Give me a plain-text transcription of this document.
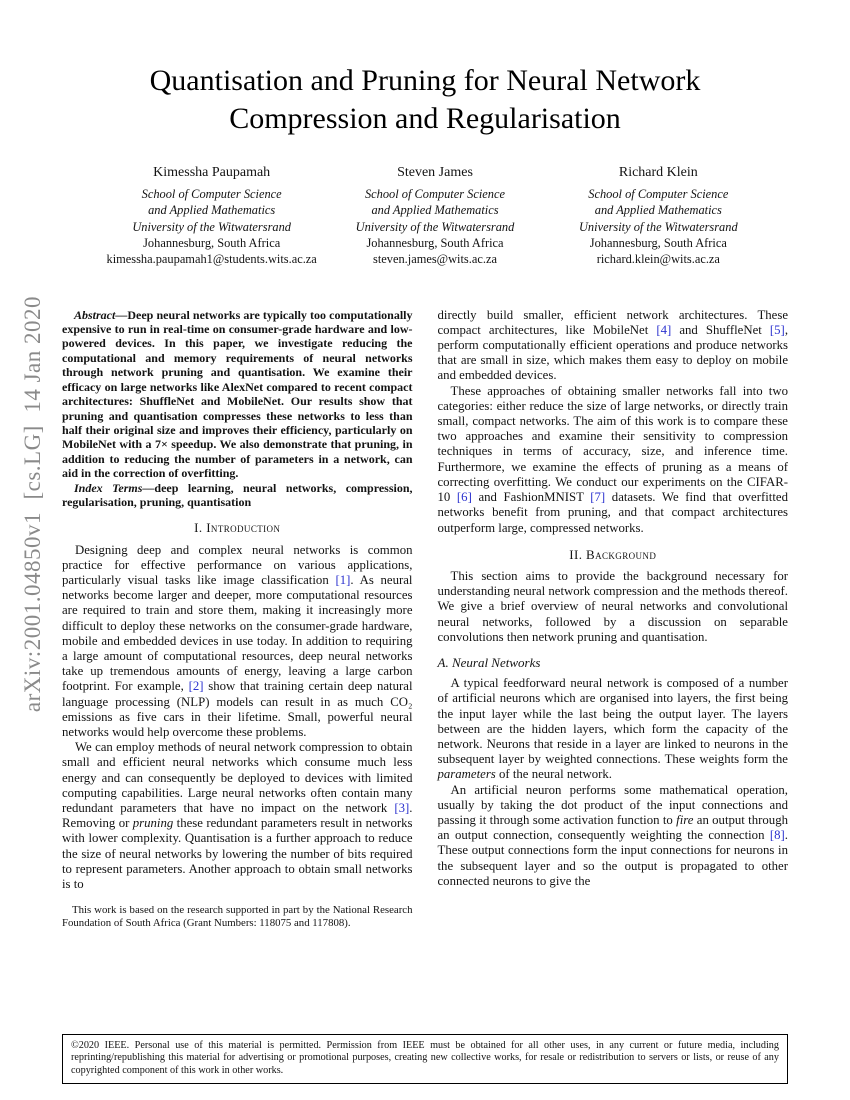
arXiv:2001.04850v1  [cs.LG]  14 Jan 2020
Quantisation and Pruning for Neural Network
Compression and Regularisation
Kimessha Paupamah
School of Computer Science
and Applied Mathematics
University of the Witwatersrand
Johannesburg, South Africa
kimessha.paupamah1@students.wits.ac.za
Steven James
School of Computer Science
and Applied Mathematics
University of the Witwatersrand
Johannesburg, South Africa
steven.james@wits.ac.za
Richard Klein
School of Computer Science
and Applied Mathematics
University of the Witwatersrand
Johannesburg, South Africa
richard.klein@wits.ac.za

Abstract—Deep neural networks are typically too computationally expensive to run in real-time on consumer-grade hardware and low-powered devices. In this paper, we investigate reducing the computational and memory requirements of neural networks through network pruning and quantisation. We examine their efficacy on large networks like AlexNet compared to recent compact architectures: ShuffleNet and MobileNet. Our results show that pruning and quantisation compresses these networks to less than half their original size and improves their efficiency, particularly on MobileNet with a 7× speedup. We also demonstrate that pruning, in addition to reducing the number of parameters in a network, can aid in the correction of overfitting.

Index Terms—deep learning, neural networks, compression, regularisation, pruning, quantisation

I. Introduction

Designing deep and complex neural networks is common practice for effective performance on various applications, particularly visual tasks like image classification [1]. As neural networks become larger and deeper, more computational resources are required to train and store them, making it increasingly more difficult to deploy these networks on the consumer-grade hardware, mobile and embedded devices in use today. In addition to requiring a large amount of computational resources, deep neural networks take up tremendous amounts of energy, leaving a large carbon footprint. For example, [2] show that training certain deep natural language processing (NLP) models can result in as much CO₂ emissions as five cars in their lifetime. Small, powerful neural networks would help overcome these problems.

We can employ methods of neural network compression to obtain small and efficient neural networks which consume much less energy and can consequently be deployed to devices with limited computing capabilities. Large neural networks often contain many redundant parameters that have no impact on the network [3]. Removing or pruning these redundant parameters result in networks with lower complexity. Quantisation is a further approach to reduce the size of neural networks by lowering the number of bits required to represent parameters. Another approach to obtain small networks is to

This work is based on the research supported in part by the National Research Foundation of South Africa (Grant Numbers: 118075 and 117808).

directly build smaller, efficient network architectures. These compact architectures, like MobileNet [4] and ShuffleNet [5], perform computationally efficient operations and produce networks that are small in size, which makes them easy to deploy on mobile and embedded devices.

These approaches of obtaining smaller networks fall into two categories: either reduce the size of large networks, or directly train small, compact networks. The aim of this work is to compare these two approaches and examine their sensitivity to compression techniques in terms of accuracy, size, and inference time. Furthermore, we examine the effects of pruning as a means of correcting overfitting. We conduct our experiments on the CIFAR-10 [6] and FashionMNIST [7] datasets. We find that overfitted networks benefit from pruning, and that compact architectures outperform large, compressed networks.

II. Background

This section aims to provide the background necessary for understanding neural network compression and the methods thereof. We give a brief overview of neural networks and convolutional neural networks, followed by a discussion on separable convolutions then network pruning and quantisation.

A. Neural Networks

A typical feedforward neural network is composed of a number of artificial neurons which are organised into layers, the first being the input layer while the last being the output layer. The layers between are the hidden layers, which form the capacity of the network. Neurons that reside in a layer are linked to neurons in the subsequent layer by weighted connections. These weights form the parameters of the neural network.

An artificial neuron performs some mathematical operation, usually by taking the dot product of the input connections and passing it through some activation function to fire an output through an output connection, consequently weighting the connection [8]. These output connections form the input connections for neurons in the subsequent layer and so the output is propagated to other connected neurons to give the

©2020 IEEE. Personal use of this material is permitted. Permission from IEEE must be obtained for all other uses, in any current or future media, including reprinting/republishing this material for advertising or promotional purposes, creating new collective works, for resale or redistribution to servers or lists, or reuse of any copyrighted component of this work in other works.
